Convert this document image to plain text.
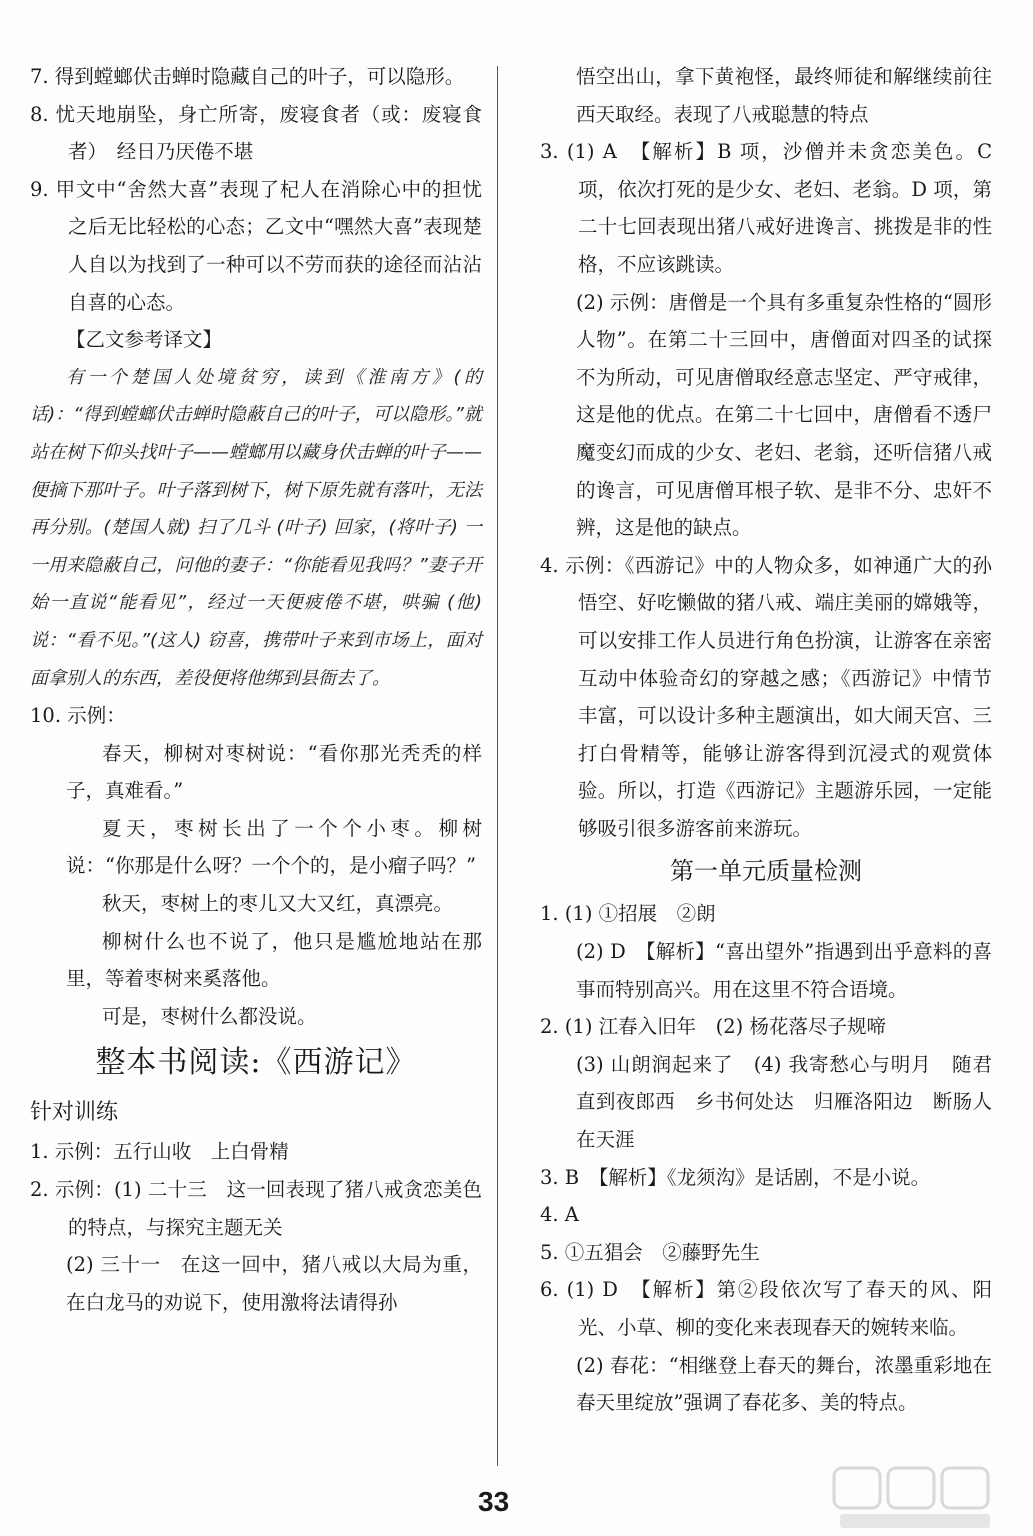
7. 得到螳螂伏击蝉时隐藏自己的叶子，可以隐形。
8. 忧天地崩坠，身亡所寄，废寝食者（或：废寝食者）　经日乃厌倦不堪
9. 甲文中“舍然大喜”表现了杞人在消除心中的担忧之后无比轻松的心态；乙文中“嘿然大喜”表现楚人自以为找到了一种可以不劳而获的途径而沾沾自喜的心态。
【乙文参考译文】
有一个楚国人处境贫穷，读到《淮南方》(的话)：“得到螳螂伏击蝉时隐蔽自己的叶子，可以隐形。”就站在树下仰头找叶子——螳螂用以藏身伏击蝉的叶子——便摘下那叶子。叶子落到树下，树下原先就有落叶，无法再分别。(楚国人就) 扫了几斗 (叶子) 回家，(将叶子) 一一用来隐蔽自己，问他的妻子：“你能看见我吗？”妻子开始一直说“能看见”，经过一天便疲倦不堪，哄骗 (他) 说：“看不见。”(这人) 窃喜，携带叶子来到市场上，面对面拿别人的东西，差役便将他绑到县衙去了。
10. 示例：
春天，柳树对枣树说：“看你那光秃秃的样子，真难看。”
夏天，枣树长出了一个个小枣。柳树说：“你那是什么呀？一个个的，是小瘤子吗？”
秋天，枣树上的枣儿又大又红，真漂亮。
柳树什么也不说了，他只是尴尬地站在那里，等着枣树来奚落他。
可是，枣树什么都没说。
整本书阅读:《西游记》
针对训练
1. 示例：五行山收　上白骨精
2. 示例：(1) 二十三　这一回表现了猪八戒贪恋美色的特点，与探究主题无关
(2) 三十一　在这一回中，猪八戒以大局为重，在白龙马的劝说下，使用激将法请得孙
悟空出山，拿下黄袍怪，最终师徒和解继续前往西天取经。表现了八戒聪慧的特点
3. (1) A　【解析】B 项，沙僧并未贪恋美色。C 项，依次打死的是少女、老妇、老翁。D 项，第二十七回表现出猪八戒好进谗言、挑拨是非的性格，不应该跳读。
(2) 示例：唐僧是一个具有多重复杂性格的“圆形人物”。在第二十三回中，唐僧面对四圣的试探不为所动，可见唐僧取经意志坚定、严守戒律，这是他的优点。在第二十七回中，唐僧看不透尸魔变幻而成的少女、老妇、老翁，还听信猪八戒的谗言，可见唐僧耳根子软、是非不分、忠奸不辨，这是他的缺点。
4. 示例：《西游记》中的人物众多，如神通广大的孙悟空、好吃懒做的猪八戒、端庄美丽的嫦娥等，可以安排工作人员进行角色扮演，让游客在亲密互动中体验奇幻的穿越之感；《西游记》中情节丰富，可以设计多种主题演出，如大闹天宫、三打白骨精等，能够让游客得到沉浸式的观赏体验。所以，打造《西游记》主题游乐园，一定能够吸引很多游客前来游玩。
第一单元质量检测
1. (1) ①招展　②朗
(2) D　【解析】“喜出望外”指遇到出乎意料的喜事而特别高兴。用在这里不符合语境。
2. (1) 江春入旧年　(2) 杨花落尽子规啼
(3) 山朗润起来了　(4) 我寄愁心与明月　随君直到夜郎西　乡书何处达　归雁洛阳边　断肠人在天涯
3. B　【解析】《龙须沟》是话剧，不是小说。
4. A
5. ①五猖会　②藤野先生
6. (1) D　【解析】第②段依次写了春天的风、阳光、小草、柳的变化来表现春天的婉转来临。
(2) 春花：“相继登上春天的舞台，浓墨重彩地在春天里绽放”强调了春花多、美的特点。
33
